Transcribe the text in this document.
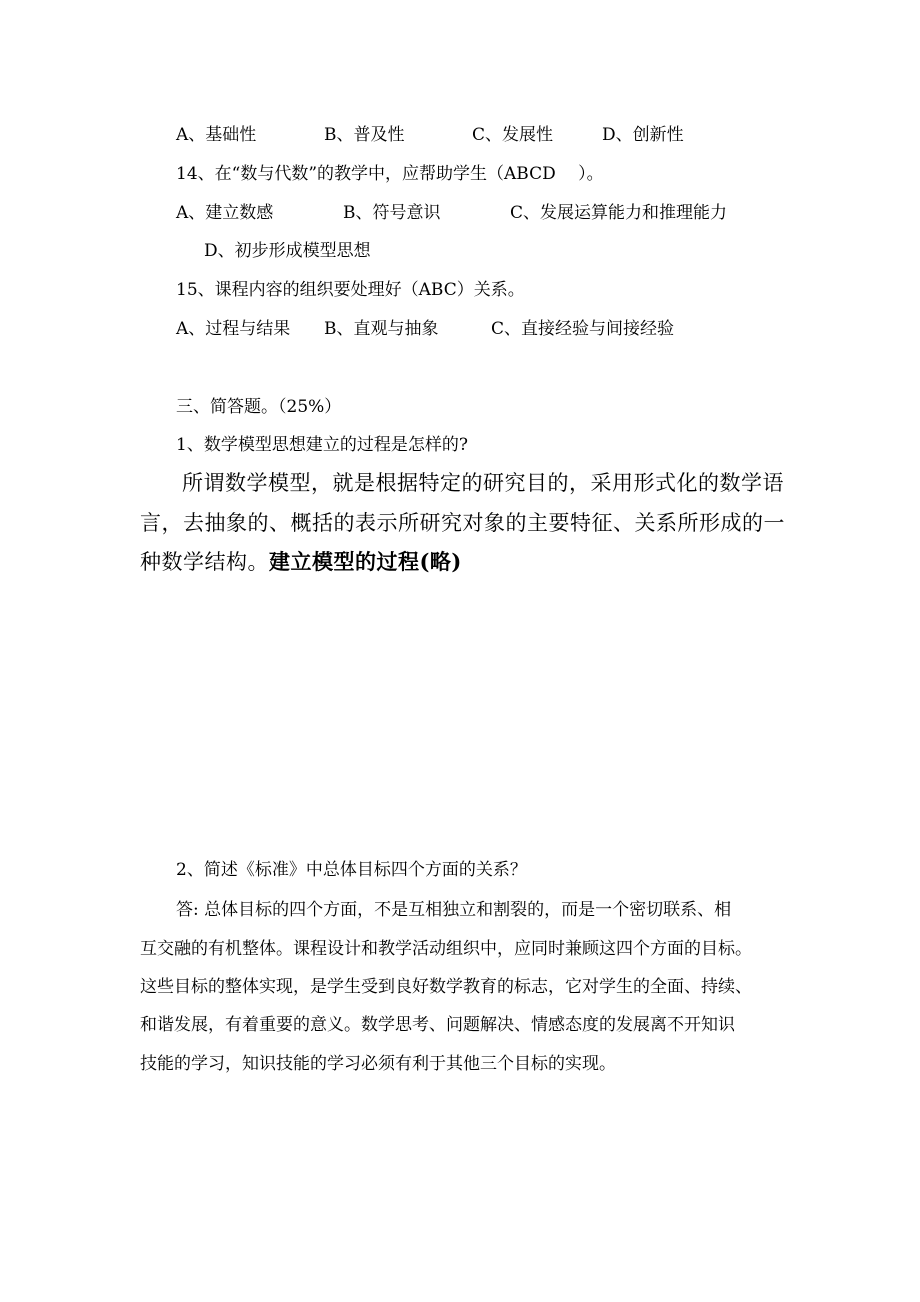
A、基础性	B、普及性	C、发展性	D、创新性
14、在“数与代数”的教学中，应帮助学生（ABCD　 ）。
A、建立数感	B、符号意识	C、发展运算能力和推理能力
D、初步形成模型思想
15、课程内容的组织要处理好（ABC）关系。
A、过程与结果 B、直观与抽象	C、直接经验与间接经验
三、简答题。（25%）
1、数学模型思想建立的过程是怎样的?
所谓数学模型，就是根据特定的研究目的，采用形式化的数学语
言，去抽象的、概括的表示所研究对象的主要特征、关系所形成的一
种数学结构。建立模型的过程(略)
2、简述《标准》中总体目标四个方面的关系？
答: 总体目标的四个方面，不是互相独立和割裂的，而是一个密切联系、相
互交融的有机整体。课程设计和教学活动组织中，应同时兼顾这四个方面的目标。
这些目标的整体实现，是学生受到良好数学教育的标志，它对学生的全面、持续、
和谐发展，有着重要的意义。数学思考、问题解决、情感态度的发展离不开知识
技能的学习，知识技能的学习必须有利于其他三个目标的实现。
